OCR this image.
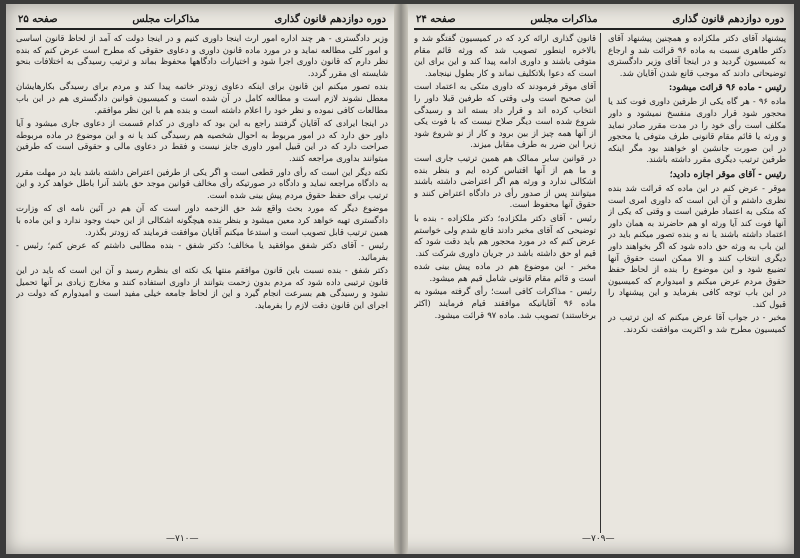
دوره دوازدهم قانون گذاری
مذاکرات مجلس
صفحه ۲۵

وزیر دادگستری - هر چند اداره امور ارث اینجا داوری کنیم و در اینجا دولت که آمد از لحاظ قانون اساسی و امور کلی مطالعه نماید و در مورد ماده قانون داوری و دعاوی حقوقی که مطرح است عرض کنم که بنده نظر دارم که قانون داوری اجرا شود و اختیارات دادگاهها محفوظ بماند و ترتیب رسیدگی به اختلافات بنحو شایسته ای مقرر گردد.

بنده تصور میکنم این قانون برای اینکه دعاوی زودتر خاتمه پیدا کند و مردم برای رسیدگی بکارهایشان معطل نشوند لازم است و مطالعه کامل در آن شده است و کمیسیون قوانین دادگستری هم در این باب مطالعات کافی نموده و نظر خود را اعلام داشته است و بنده هم با این نظر موافقم.

در اینجا ایرادی که آقایان گرفتند راجع به این بود که داوری در کدام قسمت از دعاوی جاری میشود و آیا داور حق دارد که در امور مربوط به احوال شخصیه هم رسیدگی کند یا نه و این موضوع در ماده مربوطه صراحت دارد که در این قبیل امور داوری جایز نیست و فقط در دعاوی مالی و حقوقی است که طرفین میتوانند بداوری مراجعه کنند.

نکته دیگر این است که رأی داور قطعی است و اگر یکی از طرفین اعتراض داشته باشد باید در مهلت مقرر به دادگاه مراجعه نماید و دادگاه در صورتیکه رأی مخالف قوانین موجد حق باشد آنرا باطل خواهد کرد و این ترتیب برای حفظ حقوق مردم پیش بینی شده است.

موضوع دیگر که مورد بحث واقع شد حق الزحمه داور است که آن هم در آئین نامه ای که وزارت دادگستری تهیه خواهد کرد معین میشود و بنظر بنده هیچگونه اشکالی از این حیث وجود ندارد و این ماده با همین ترتیب قابل تصویب است و استدعا میکنم آقایان موافقت فرمایند که زودتر بگذرد.

رئیس - آقای دکتر شفق موافقید یا مخالف؛ دکتر شفق - بنده مطالبی داشتم که عرض کنم؛ رئیس - بفرمائید.

دکتر شفق - بنده نسبت باین قانون موافقم منتها یک نکته ای بنظرم رسید و آن این است که باید در این قانون ترتیبی داده شود که مردم بدون زحمت بتوانند از داوری استفاده کنند و مخارج زیادی بر آنها تحمیل نشود و رسیدگی هم بسرعت انجام گیرد و این از لحاظ جامعه خیلی مفید است و امیدوارم که دولت در اجرای این قانون دقت لازم را بفرماید.

—۷۱۰—
دوره دوازدهم قانون گذاری
مذاکرات مجلس
صفحه ۲۴

پیشنهاد آقای دکتر ملکزاده و همچنین پیشنهاد آقای دکتر طاهری نسبت به ماده ۹۶ قرائت شد و ارجاع به کمیسیون گردید و در اینجا آقای وزیر دادگستری توضیحاتی دادند که موجب قانع شدن آقایان شد.

رئیس - ماده ۹۶ قرائت میشود:

ماده ۹۶ - هر گاه یکی از طرفین داوری فوت کند یا محجور شود قرار داوری منفسخ نمیشود و داور مکلف است رأی خود را در مدت مقرر صادر نماید و ورثه یا قائم مقام قانونی طرف متوفی یا محجور در این صورت جانشین او خواهند بود مگر اینکه طرفین ترتیب دیگری مقرر داشته باشند.

رئیس - آقای موقر اجازه دادید؛

موقر - عرض کنم در این ماده که قرائت شد بنده نظری داشتم و آن این است که داوری امری است که متکی به اعتماد طرفین است و وقتی که یکی از آنها فوت کند آیا ورثه او هم حاضرند به همان داور اعتماد داشته باشند یا نه و بنده تصور میکنم باید در این باب به ورثه حق داده شود که اگر بخواهند داور دیگری انتخاب کنند و الا ممکن است حقوق آنها تضییع شود و این موضوع را بنده از لحاظ حفظ حقوق مردم عرض میکنم و امیدوارم که کمیسیون در این باب توجه کافی بفرماید و این پیشنهاد را قبول کند.

مخبر - در جواب آقا عرض میکنم که این ترتیب در کمیسیون مطرح شد و اکثریت موافقت نکردند.

قانون گذاری ارائه کرد که در کمیسیون گفتگو شد و بالاخره اینطور تصویب شد که ورثه قائم مقام متوفی باشند و داوری ادامه پیدا کند و این برای این است که دعوا بلاتکلیف نماند و کار بطول نینجامد.

آقای موقر فرمودند که داوری متکی به اعتماد است این صحیح است ولی وقتی که طرفین قبلا داور را انتخاب کرده اند و قرار داد بسته اند و رسیدگی شروع شده است دیگر صلاح نیست که با فوت یکی از آنها همه چیز از بین برود و کار از نو شروع شود زیرا این ضرر به طرف مقابل میزند.

در قوانین سایر ممالک هم همین ترتیب جاری است و ما هم از آنها اقتباس کرده ایم و بنظر بنده اشکالی ندارد و ورثه هم اگر اعتراضی داشته باشند میتوانند پس از صدور رأی در دادگاه اعتراض کنند و حقوق آنها محفوظ است.

رئیس - آقای دکتر ملکزاده؛ دکتر ملکزاده - بنده با توضیحی که آقای مخبر دادند قانع شدم ولی خواستم عرض کنم که در مورد محجور هم باید دقت شود که قیم او حق داشته باشد در جریان داوری شرکت کند.

مخبر - این موضوع هم در ماده پیش بینی شده است و قائم مقام قانونی شامل قیم هم میشود.

رئیس - مذاکرات کافی است؛ رأی گرفته میشود به ماده ۹۶ آقایانیکه موافقند قیام فرمایند (اکثر برخاستند) تصویب شد. ماده ۹۷ قرائت میشود.

—۷۰۹—
